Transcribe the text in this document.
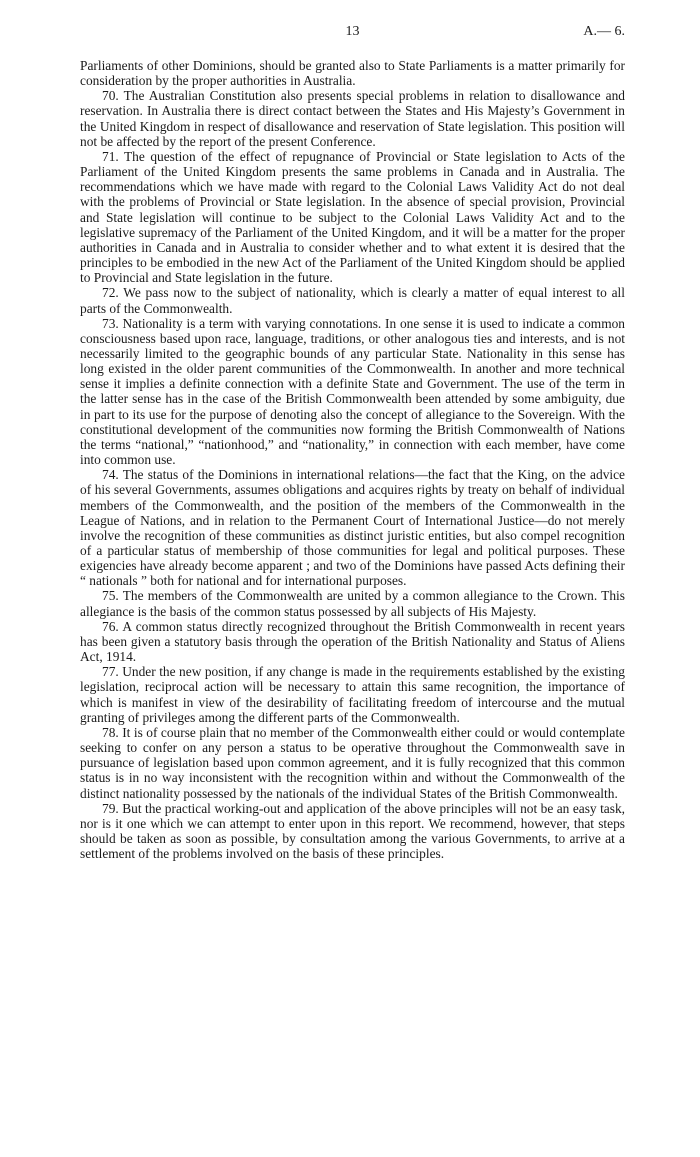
13	A.— 6.

Parliaments of other Dominions, should be granted also to State Parliaments is a matter primarily for consideration by the proper authorities in Australia.

70. The Australian Constitution also presents special problems in relation to disallowance and reservation. In Australia there is direct contact between the States and His Majesty’s Government in the United Kingdom in respect of disallowance and reservation of State legislation. This position will not be affected by the report of the present Conference.

71. The question of the effect of repugnance of Provincial or State legislation to Acts of the Parliament of the United Kingdom presents the same problems in Canada and in Australia. The recommendations which we have made with regard to the Colonial Laws Validity Act do not deal with the problems of Provincial or State legislation. In the absence of special provision, Provincial and State legislation will continue to be subject to the Colonial Laws Validity Act and to the legislative supremacy of the Parliament of the United Kingdom, and it will be a matter for the proper authorities in Canada and in Australia to consider whether and to what extent it is desired that the principles to be embodied in the new Act of the Parliament of the United Kingdom should be applied to Provincial and State legislation in the future.

72. We pass now to the subject of nationality, which is clearly a matter of equal interest to all parts of the Commonwealth.

73. Nationality is a term with varying connotations. In one sense it is used to indicate a common consciousness based upon race, language, traditions, or other analogous ties and interests, and is not necessarily limited to the geographic bounds of any particular State. Nationality in this sense has long existed in the older parent communities of the Commonwealth. In another and more technical sense it implies a definite connection with a definite State and Government. The use of the term in the latter sense has in the case of the British Commonwealth been attended by some ambiguity, due in part to its use for the purpose of denoting also the concept of allegiance to the Sovereign. With the constitutional development of the communities now forming the British Commonwealth of Nations the terms “national,” “nationhood,” and “nationality,” in connection with each member, have come into common use.

74. The status of the Dominions in international relations—the fact that the King, on the advice of his several Governments, assumes obligations and acquires rights by treaty on behalf of individual members of the Commonwealth, and the position of the members of the Commonwealth in the League of Nations, and in relation to the Permanent Court of International Justice—do not merely involve the recognition of these communities as distinct juristic entities, but also compel recognition of a particular status of membership of those communities for legal and political purposes. These exigencies have already become apparent ; and two of the Dominions have passed Acts defining their “ nationals ” both for national and for international purposes.

75. The members of the Commonwealth are united by a common allegiance to the Crown. This allegiance is the basis of the common status possessed by all subjects of His Majesty.

76. A common status directly recognized throughout the British Commonwealth in recent years has been given a statutory basis through the operation of the British Nationality and Status of Aliens Act, 1914.

77. Under the new position, if any change is made in the requirements established by the existing legislation, reciprocal action will be necessary to attain this same recognition, the importance of which is manifest in view of the desirability of facilitating freedom of intercourse and the mutual granting of privileges among the different parts of the Commonwealth.

78. It is of course plain that no member of the Commonwealth either could or would contemplate seeking to confer on any person a status to be operative throughout the Commonwealth save in pursuance of legislation based upon common agreement, and it is fully recognized that this common status is in no way inconsistent with the recognition within and without the Commonwealth of the distinct nationality possessed by the nationals of the individual States of the British Commonwealth.

79. But the practical working-out and application of the above principles will not be an easy task, nor is it one which we can attempt to enter upon in this report. We recommend, however, that steps should be taken as soon as possible, by consultation among the various Governments, to arrive at a settlement of the problems involved on the basis of these principles.
